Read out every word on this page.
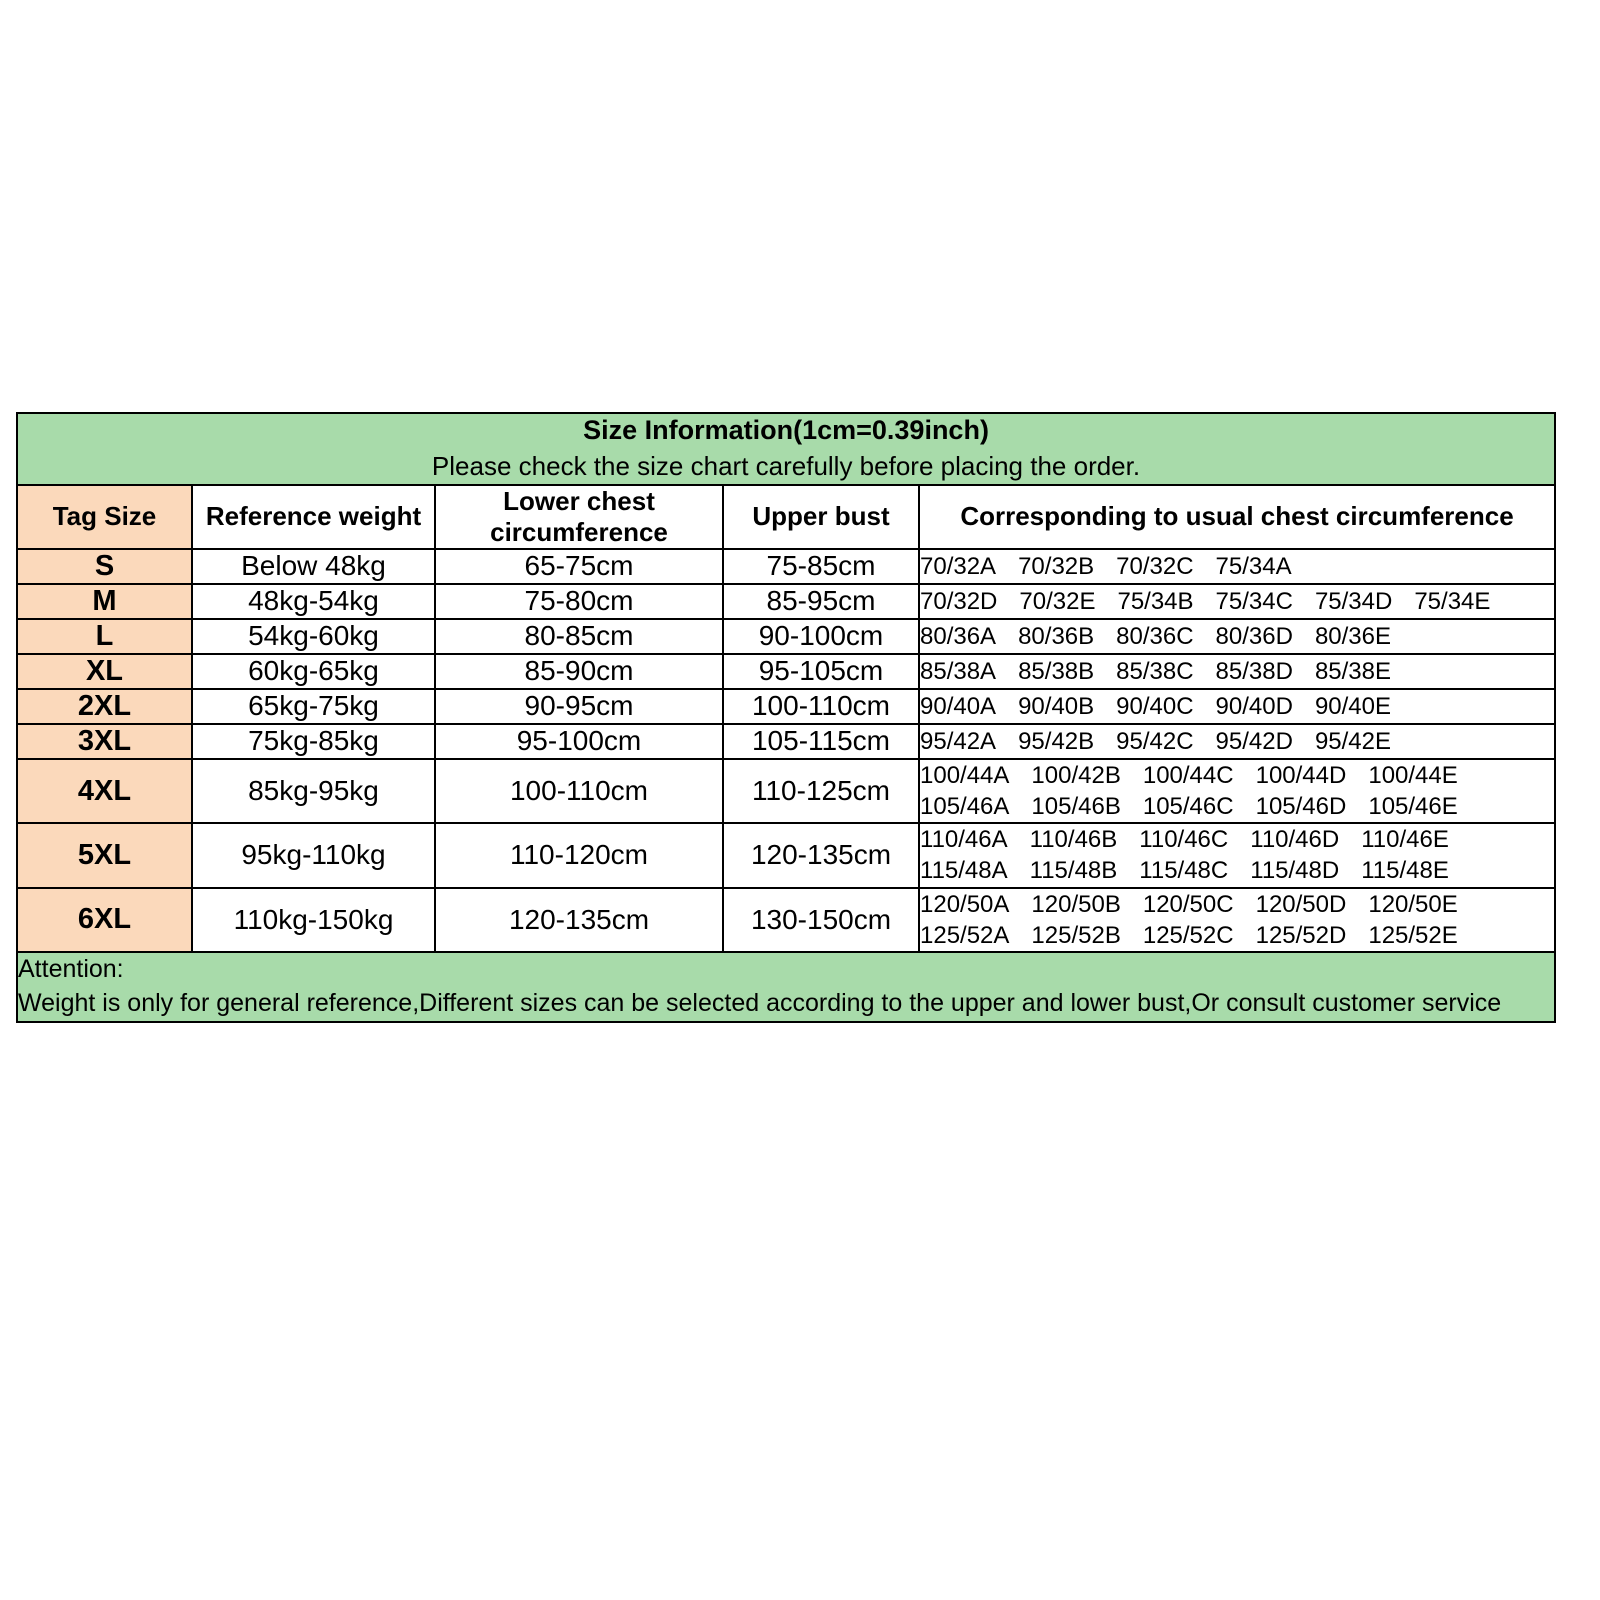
Size Information(1cm=0.39inch)
Please check the size chart carefully before placing the order.				

Tag Size	Reference weight	Lower chest circumference	Upper bust	Corresponding to usual chest circumference
S	Below 48kg	65-75cm	75-85cm	70/32A 70/32B 70/32C 75/34A

M	48kg-54kg	75-80cm	85-95cm	70/32D 70/32E 75/34B 75/34C 75/34D 75/34E

L	54kg-60kg	80-85cm	90-100cm	80/36A 80/36B 80/36C 80/36D 80/36E

XL	60kg-65kg	85-90cm	95-105cm	85/38A 85/38B 85/38C 85/38D 85/38E

2XL	65kg-75kg	90-95cm	100-110cm	90/40A 90/40B 90/40C 90/40D 90/40E

3XL	75kg-85kg	95-100cm	105-115cm	95/42A 95/42B 95/42C 95/42D 95/42E

4XL	85kg-95kg	100-110cm	110-125cm	100/44A 100/42B 100/44C 100/44D 100/44E
105/46A 105/46B 105/46C 105/46D 105/46E

5XL	95kg-110kg	110-120cm	120-135cm	110/46A 110/46B 110/46C 110/46D 110/46E
115/48A 115/48B 115/48C 115/48D 115/48E

6XL	110kg-150kg	120-135cm	130-150cm	120/50A 120/50B 120/50C 120/50D 120/50E
125/52A 125/52B 125/52C 125/52D 125/52E

Attention:
Weight is only for general reference,Different sizes can be selected according to the upper and lower bust,Or consult customer service				
